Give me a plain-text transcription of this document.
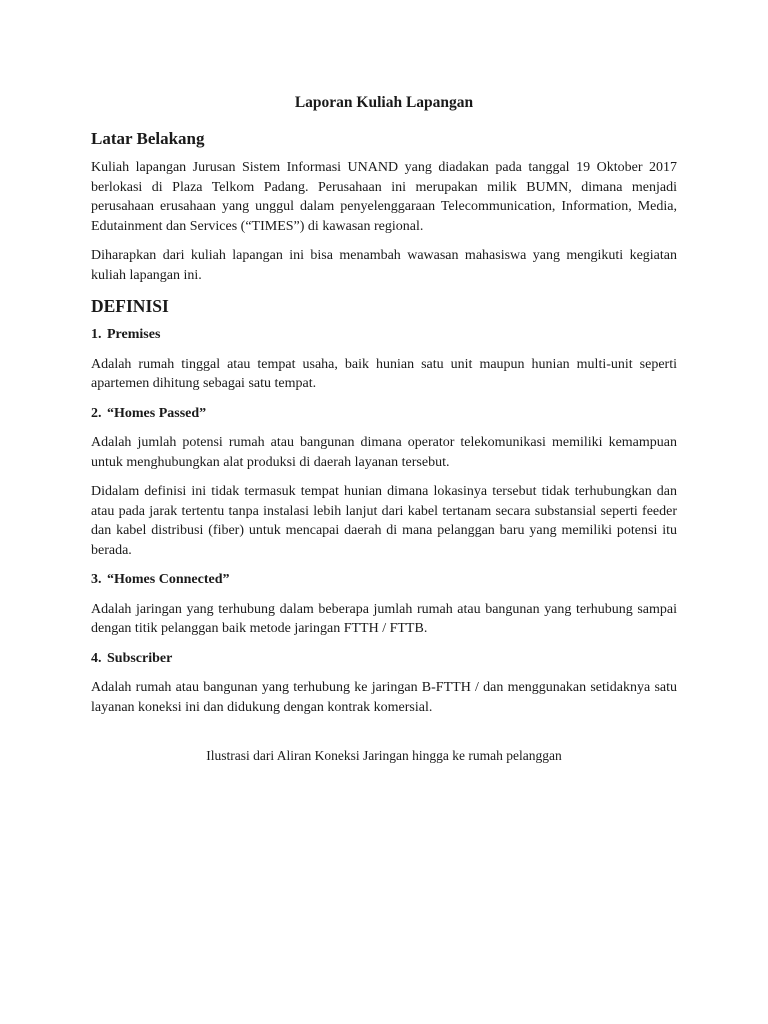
Laporan Kuliah Lapangan
Latar Belakang

Kuliah lapangan Jurusan Sistem Informasi UNAND yang diadakan pada tanggal 19 Oktober 2017 berlokasi di Plaza Telkom Padang. Perusahaan ini merupakan milik BUMN, dimana menjadi perusahaan erusahaan yang unggul dalam penyelenggaraan Telecommunication, Information, Media, Edutainment dan Services (“TIMES”) di kawasan regional.

Diharapkan dari kuliah lapangan ini bisa menambah wawasan mahasiswa yang mengikuti kegiatan kuliah lapangan ini.

DEFINISI
1. Premises

Adalah rumah tinggal atau tempat usaha, baik hunian satu unit maupun hunian multi-unit seperti apartemen dihitung sebagai satu tempat.

2. “Homes Passed”

Adalah jumlah potensi rumah atau bangunan dimana operator telekomunikasi memiliki kemampuan untuk menghubungkan alat produksi di daerah layanan tersebut.

Didalam definisi ini tidak termasuk tempat hunian dimana lokasinya tersebut tidak terhubungkan dan atau pada jarak tertentu tanpa instalasi lebih lanjut dari kabel tertanam secara substansial seperti feeder dan kabel distribusi (fiber) untuk mencapai daerah di mana pelanggan baru yang memiliki potensi itu berada.

3. “Homes Connected”

Adalah jaringan yang terhubung dalam beberapa jumlah rumah atau bangunan yang terhubung sampai dengan titik pelanggan baik metode jaringan FTTH / FTTB.

4. Subscriber

Adalah rumah atau bangunan yang terhubung ke jaringan B-FTTH / dan menggunakan setidaknya satu layanan koneksi ini dan didukung dengan kontrak komersial.

Ilustrasi dari Aliran Koneksi Jaringan hingga ke rumah pelanggan
